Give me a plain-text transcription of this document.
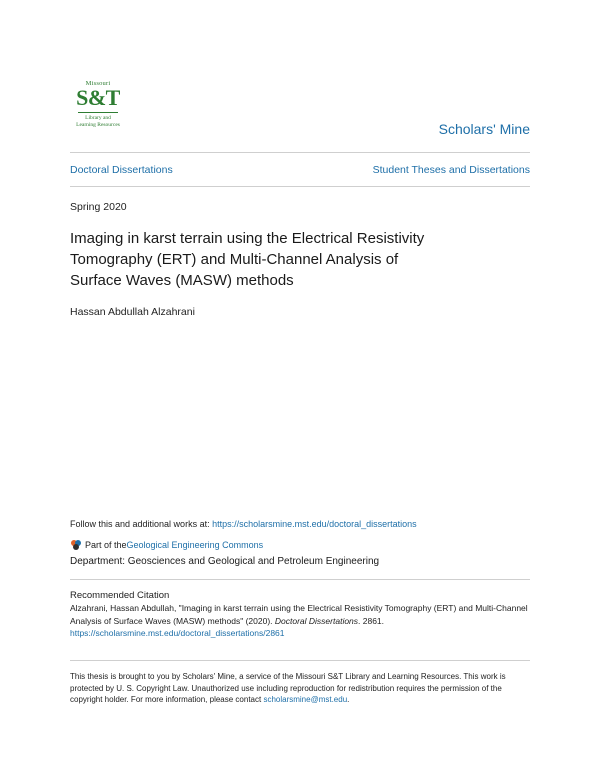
Missouri
S&T
Library and
Learning Resources	Scholars' Mine
Doctoral Dissertations	Student Theses and Dissertations
Spring 2020
Imaging in karst terrain using the Electrical Resistivity Tomography (ERT) and Multi-Channel Analysis of Surface Waves (MASW) methods
Hassan Abdullah Alzahrani
Follow this and additional works at: https://scholarsmine.mst.edu/doctoral_dissertations
Part of the Geological Engineering Commons
Department: Geosciences and Geological and Petroleum Engineering
Recommended Citation
Alzahrani, Hassan Abdullah, "Imaging in karst terrain using the Electrical Resistivity Tomography (ERT) and Multi-Channel Analysis of Surface Waves (MASW) methods" (2020). Doctoral Dissertations. 2861.
https://scholarsmine.mst.edu/doctoral_dissertations/2861
This thesis is brought to you by Scholars' Mine, a service of the Missouri S&T Library and Learning Resources. This work is protected by U. S. Copyright Law. Unauthorized use including reproduction for redistribution requires the permission of the copyright holder. For more information, please contact scholarsmine@mst.edu.
